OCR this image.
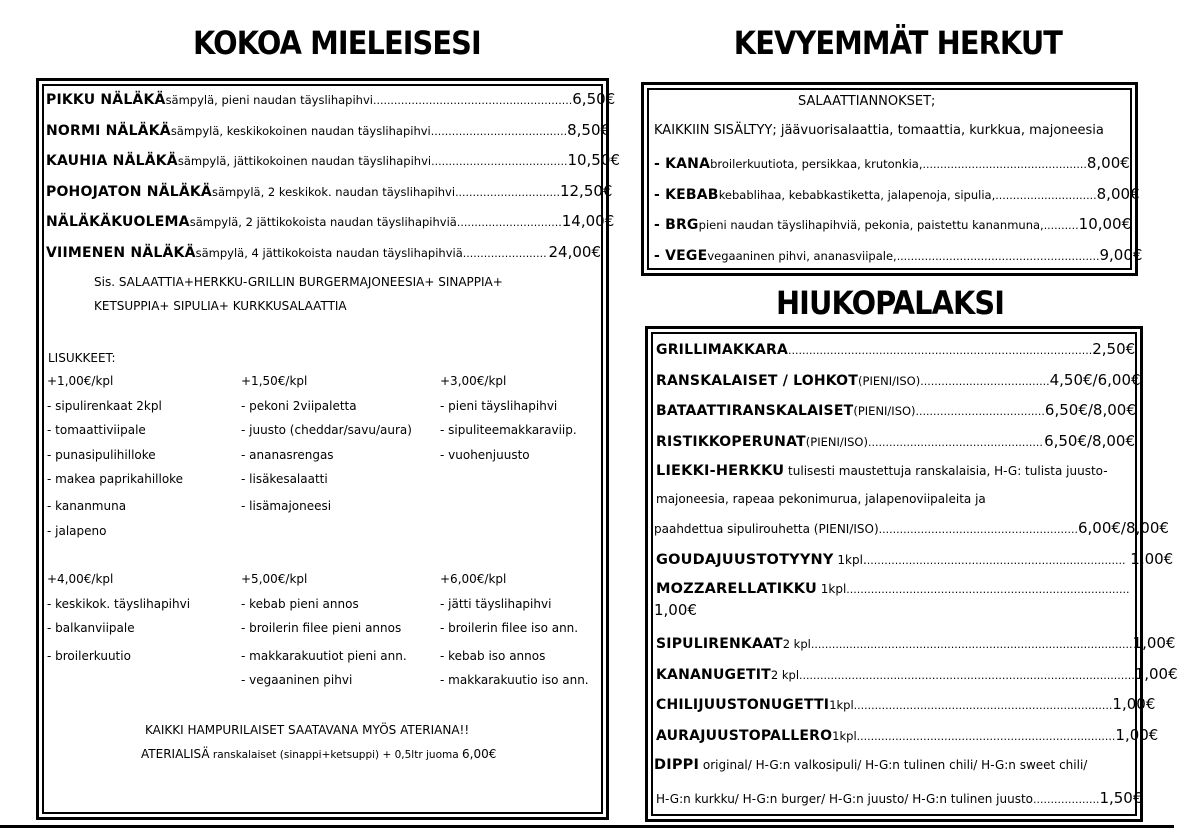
KOKOA MIELEISESI
PIKKU NÄLÄKÄ sämpylä, pieni naudan täyslihapihvi ......................................................... 6,50€
NORMI NÄLÄKÄ sämpylä, keskikokoinen naudan täyslihapihvi ....................................... 8,50€
KAUHIA NÄLÄKÄ sämpylä, jättikokoinen naudan täyslihapihvi ....................................... 10,50€
POHOJATON NÄLÄKÄ sämpylä, 2 keskikok. naudan täyslihapihvi .............................. 12,50€
NÄLÄKÄKUOLEMA sämpylä, 2 jättikokoista naudan täyslihapihviä .............................. 14,00€
VIIMENEN NÄLÄKÄ sämpylä, 4 jättikokoista naudan täyslihapihviä ........................ 24,00€
Sis. SALAATTIA+HERKKU-GRILLIN BURGERMAJONEESIA+ SINAPPIA+
KETSUPPIA+ SIPULIA+ KURKKUSALAATTIA
LISUKKEET:
+1,00€/kpl
- sipulirenkaat 2kpl
- tomaattiviipale
- punasipulihilloke
- makea paprikahilloke
- kananmuna
- jalapeno
+1,50€/kpl
- pekoni 2viipaletta
- juusto (cheddar/savu/aura)
- ananasrengas
- lisäkesalaatti
- lisämajoneesi
+3,00€/kpl
- pieni täyslihapihvi
- sipuliteemakkaraviip.
- vuohenjuusto
+4,00€/kpl
- keskikok. täyslihapihvi
- balkanviipale
- broilerkuutio
+5,00€/kpl
- kebab pieni annos
- broilerin filee pieni annos
- makkarakuutiot pieni ann.
- vegaaninen pihvi
+6,00€/kpl
- jätti täyslihapihvi
- broilerin filee iso ann.
- kebab iso annos
- makkarakuutio iso ann.
KAIKKI HAMPURILAISET SAATAVANA MYÖS ATERIANA!!
ATERIALISÄ ranskalaiset (sinappi+ketsuppi) + 0,5ltr juoma 6,00€
KEVYEMMÄT HERKUT
SALAATTIANNOKSET;
KAIKKIIN SISÄLTYY; jäävuorisalaattia, tomaattia, kurkkua, majoneesia
- KANA broilerkuutiota, persikkaa, krutonkia, ............................................... 8,00€
- KEBAB kebablihaa, kebabkastiketta, jalapenoja, sipulia, ............................. 8,00€
- BRG pieni naudan täyslihapihviä, pekonia, paistettu kananmuna, .......... 10,00€
- VEGE vegaaninen pihvi, ananasviipale, .......................................................... 9,00€
HIUKOPALAKSI
GRILLIMAKKARA ....................................................................................... 2,50€
RANSKALAISET / LOHKOT (PIENI/ISO) ..................................... 4,50€/6,00€
BATAATTIRANSKALAISET (PIENI/ISO) ..................................... 6,50€/8,00€
RISTIKKOPERUNAT (PIENI/ISO) .................................................. 6,50€/8,00€
LIEKKI-HERKKU tulisesti maustettuja ranskalaisia, H-G: tulista juusto-
majoneesia, rapeaa pekonimurua, jalapenoviipaleita ja
paahdettua sipulirouhetta (PIENI/ISO).........................................................6,00€/8,00€
GOUDAJUUSTOTYYNY 1kpl........................................................................... 1,00€
MOZZARELLATIKKU 1kpl.................................................................................
1,00€
SIPULIRENKAAT 2 kpl ............................................................................................ 1,00€
KANANUGETIT 2 kpl ................................................................................................ 1,00€
CHILIJUUSTONUGETTI 1kpl .......................................................................... 1,00€
AURAJUUSTOPALLERO 1kpl .......................................................................... 1,00€
DIPPI original/ H-G:n valkosipuli/ H-G:n tulinen chili/ H-G:n sweet chili/
H-G:n kurkku/ H-G:n burger/ H-G:n juusto/ H-G:n tulinen juusto...................1,50€
